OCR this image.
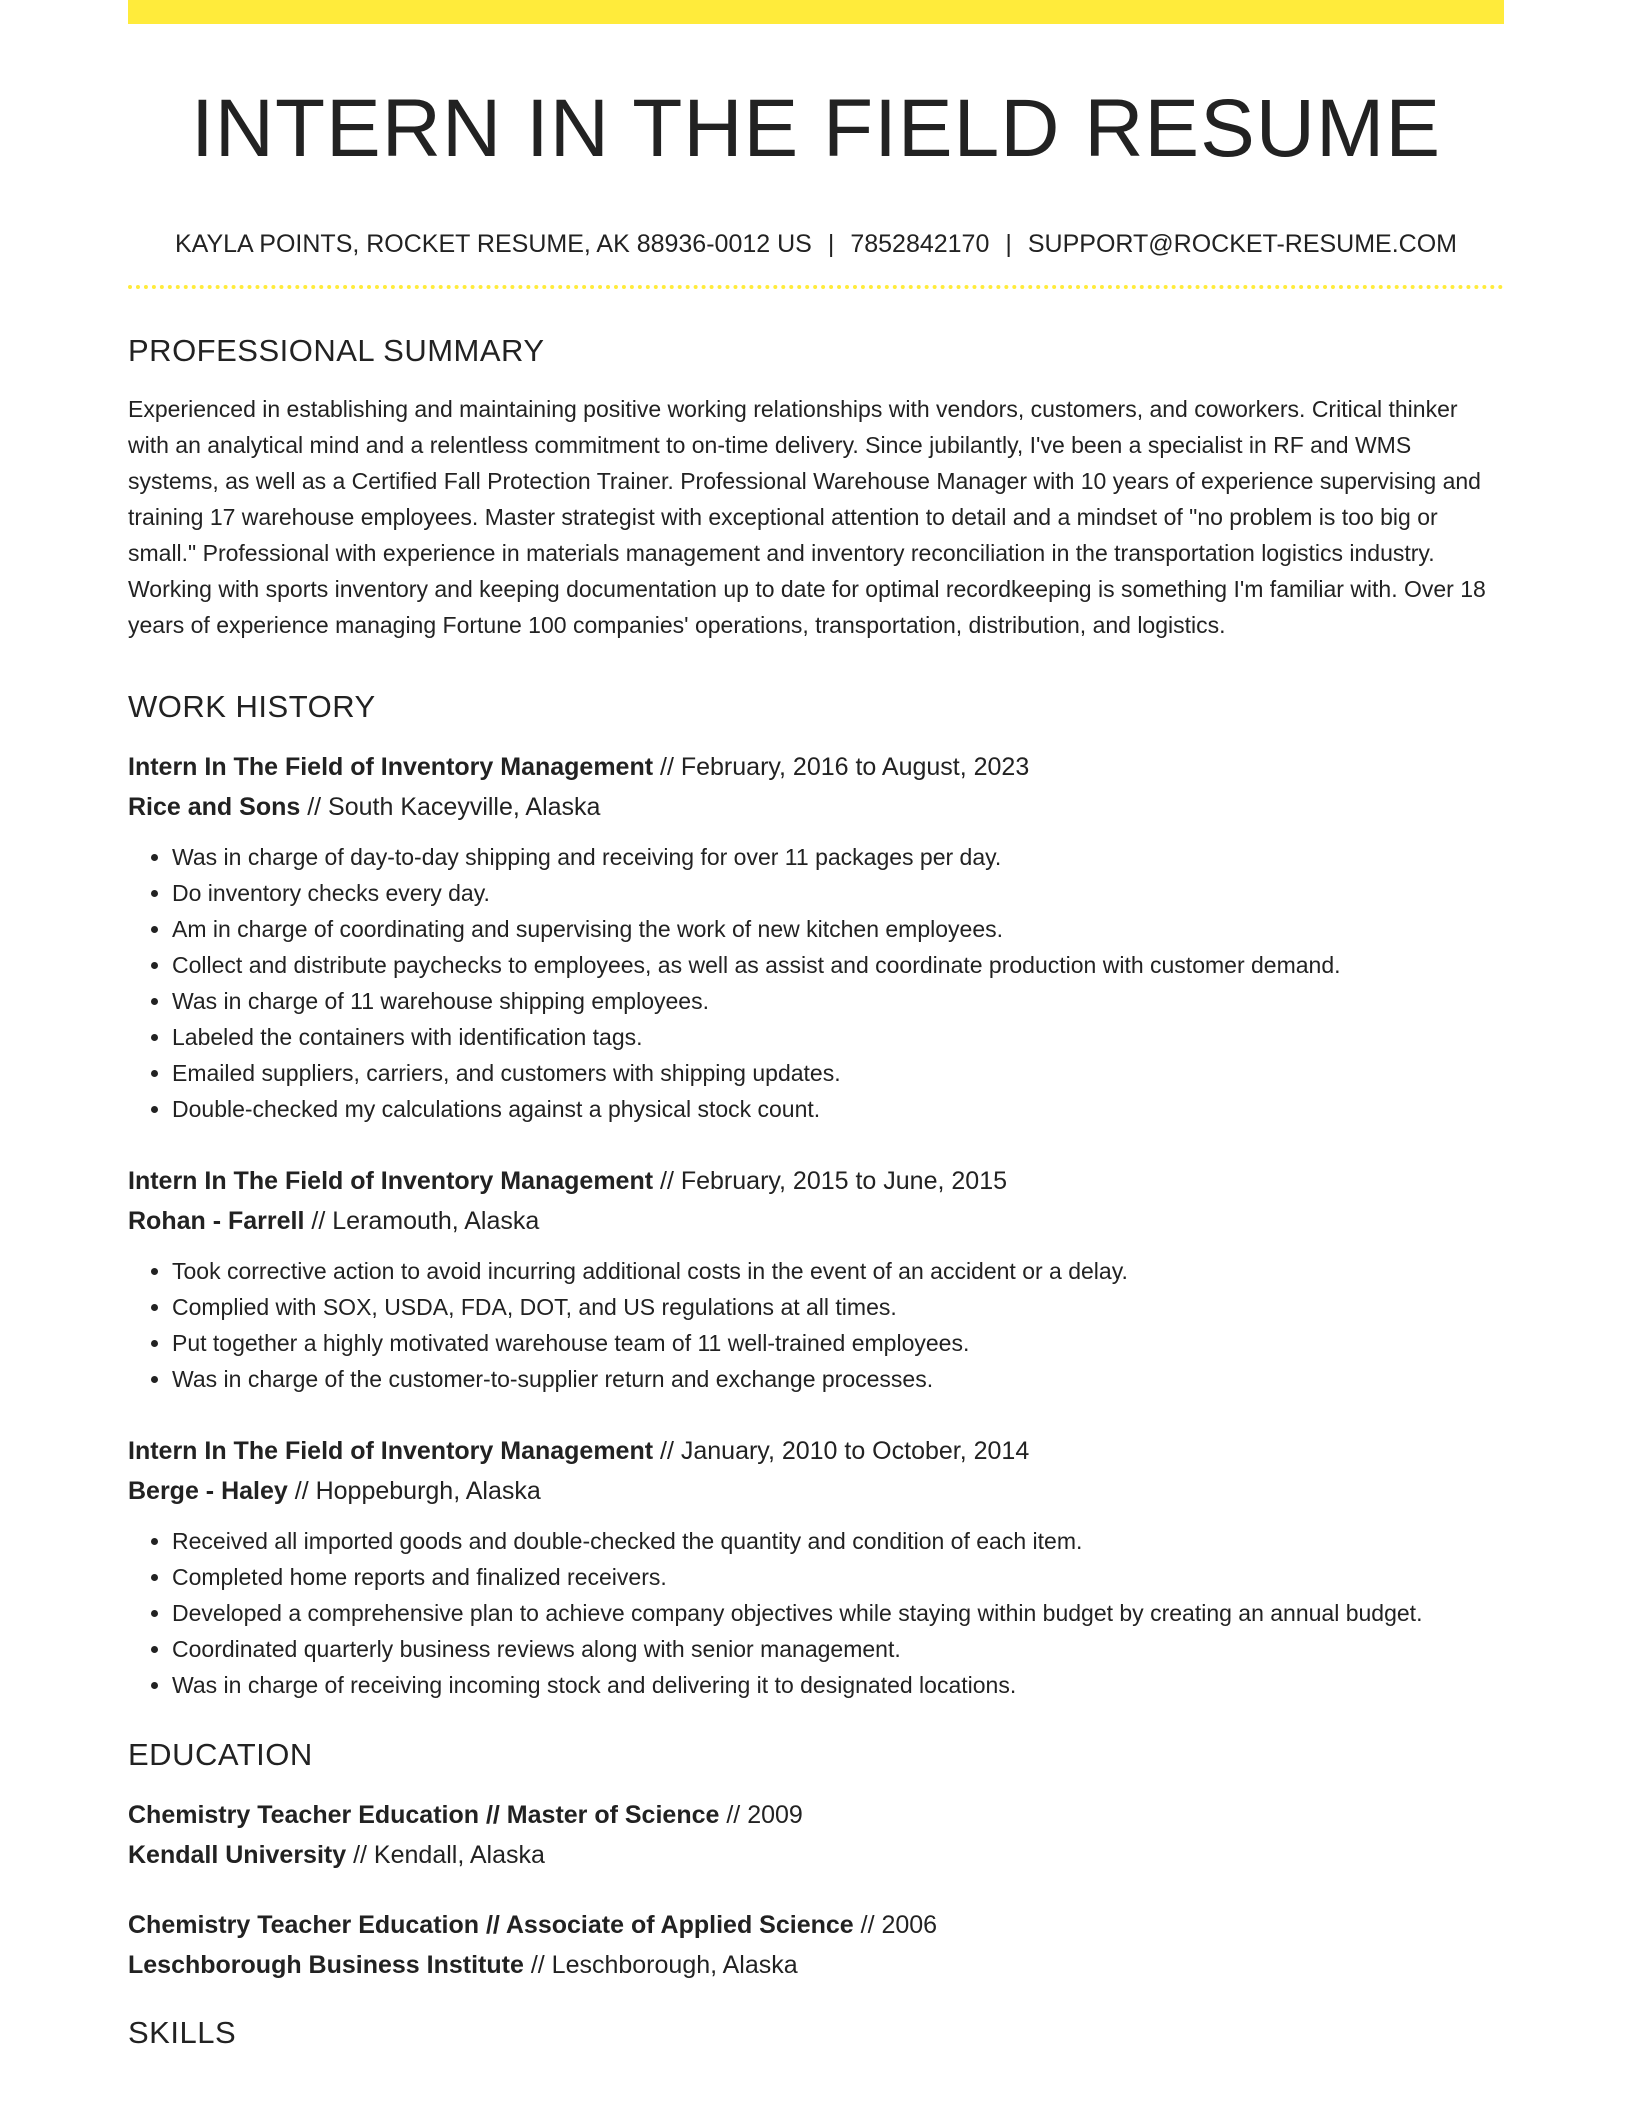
INTERN IN THE FIELD RESUME
KAYLA POINTS, ROCKET RESUME, AK 88936-0012 US | 7852842170 | SUPPORT@ROCKET-RESUME.COM
PROFESSIONAL SUMMARY

Experienced in establishing and maintaining positive working relationships with vendors, customers, and coworkers. Critical thinker with an analytical mind and a relentless commitment to on-time delivery. Since jubilantly, I've been a specialist in RF and WMS systems, as well as a Certified Fall Protection Trainer. Professional Warehouse Manager with 10 years of experience supervising and training 17 warehouse employees. Master strategist with exceptional attention to detail and a mindset of "no problem is too big or small." Professional with experience in materials management and inventory reconciliation in the transportation logistics industry. Working with sports inventory and keeping documentation up to date for optimal recordkeeping is something I'm familiar with. Over 18 years of experience managing Fortune 100 companies' operations, transportation, distribution, and logistics.

WORK HISTORY
Intern In The Field of Inventory Management // February, 2016 to August, 2023
Rice and Sons // South Kaceyville, Alaska
• Was in charge of day-to-day shipping and receiving for over 11 packages per day.
• Do inventory checks every day.
• Am in charge of coordinating and supervising the work of new kitchen employees.
• Collect and distribute paychecks to employees, as well as assist and coordinate production with customer demand.
• Was in charge of 11 warehouse shipping employees.
• Labeled the containers with identification tags.
• Emailed suppliers, carriers, and customers with shipping updates.
• Double-checked my calculations against a physical stock count.
Intern In The Field of Inventory Management // February, 2015 to June, 2015
Rohan - Farrell // Leramouth, Alaska
• Took corrective action to avoid incurring additional costs in the event of an accident or a delay.
• Complied with SOX, USDA, FDA, DOT, and US regulations at all times.
• Put together a highly motivated warehouse team of 11 well-trained employees.
• Was in charge of the customer-to-supplier return and exchange processes.
Intern In The Field of Inventory Management // January, 2010 to October, 2014
Berge - Haley // Hoppeburgh, Alaska
• Received all imported goods and double-checked the quantity and condition of each item.
• Completed home reports and finalized receivers.
• Developed a comprehensive plan to achieve company objectives while staying within budget by creating an annual budget.
• Coordinated quarterly business reviews along with senior management.
• Was in charge of receiving incoming stock and delivering it to designated locations.
EDUCATION
Chemistry Teacher Education // Master of Science // 2009
Kendall University // Kendall, Alaska
Chemistry Teacher Education // Associate of Applied Science // 2006
Leschborough Business Institute // Leschborough, Alaska
SKILLS
